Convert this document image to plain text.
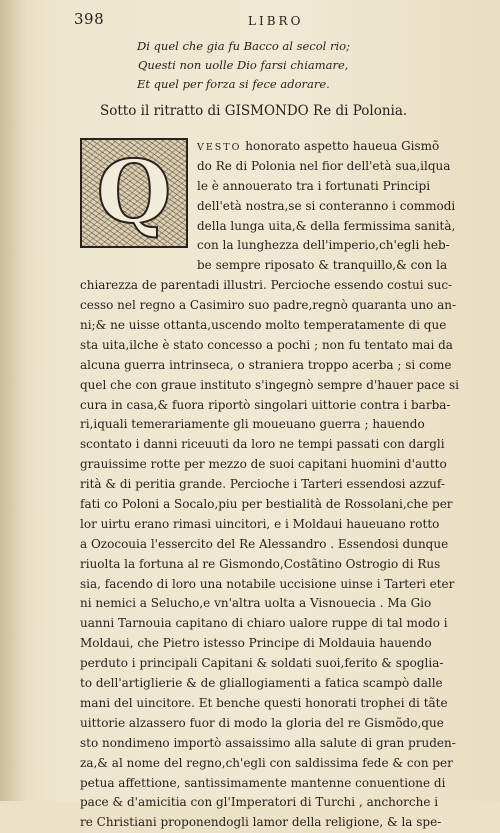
398	LIBRO
Di quel che gia fu Bacco al secol rio;
Questi non uolle Dio farsi chiamare,
Et quel per forza si fece adorare.
Sotto il ritratto di GISMONDO Re di Polonia.
Q	VESTO honorato aspetto haueua Gismõ
do Re di Polonia nel fior dell'età sua,ilqua
le è annouerato tra i fortunati Principi
dell'età nostra,se si conteranno i commodi
della lunga uita,& della fermissima sanità,
con la lunghezza dell'imperio,ch'egli heb-
be sempre riposato & tranquillo,& con la
chiarezza de parentadi illustri. Percioche essendo costui suc-
cesso nel regno a Casimiro suo padre,regnò quaranta uno an-
ni;& ne uisse ottanta,uscendo molto temperatamente di que
sta uita,ilche è stato concesso a pochi ; non fu tentato mai da
alcuna guerra intrinseca, o straniera troppo acerba ; si come
quel che con graue instituto s'ingegnò sempre d'hauer pace si
cura in casa,& fuora riportò singolari uittorie contra i barba-
ri,iquali temerariamente gli moueuano guerra ; hauendo
scontato i danni riceuuti da loro ne tempi passati con dargli
grauissime rotte per mezzo de suoi capitani huomini d'autto
rità & di peritia grande. Percioche i Tarteri essendosi azzuf-
fati co Poloni a Socalo,piu per bestialità de Rossolani,che per
lor uirtu erano rimasi uincitori, e i Moldaui haueuano rotto
a Ozocouia l'essercito del Re Alessandro . Essendosi dunque
riuolta la fortuna al re Gismondo,Costãtino Ostrogio di Rus
sia, facendo di loro una notabile uccisione uinse i Tarteri eter
ni nemici a Selucho,e vn'altra uolta a Visnouecia . Ma Gio
uanni Tarnouia capitano di chiaro ualore ruppe di tal modo i
Moldaui, che Pietro istesso Principe di Moldauia hauendo
perduto i principali Capitani & soldati suoi,ferito & spoglia-
to dell'artiglierie & de gliallogiamenti a fatica scampò dalle
mani del uincitore. Et benche questi honorati trophei di tãte
uittorie alzassero fuor di modo la gloria del re Gismõdo,que
sto nondimeno importò assaissimo alla salute di gran pruden-
za,& al nome del regno,ch'egli con saldissima fede & con per
petua affettione, santissimamente mantenne conuentione di
pace & d'amicitia con gl'Imperatori di Turchi , anchorche i
re Christiani proponendogli lamor della religione, & la spe-
